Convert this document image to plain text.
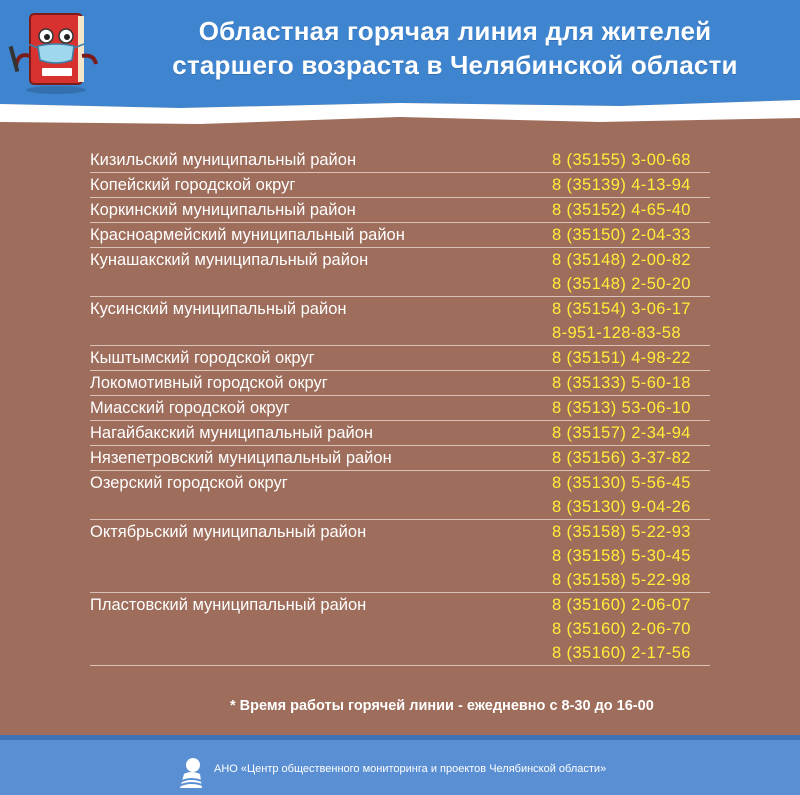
Областная горячая линия для жителей
старшего возраста в Челябинской области
Кизильский муниципальный район	8 (35155) 3-00-68
Копейский городской округ	8 (35139) 4-13-94
Коркинский муниципальный район	8 (35152) 4-65-40
Красноармейский муниципальный район	8 (35150) 2-04-33
Кунашакский муниципальный район	8 (35148) 2-00-82
8 (35148) 2-50-20
Кусинский муниципальный район	8 (35154) 3-06-17
8-951-128-83-58
Кыштымский городской округ	8 (35151) 4-98-22
Локомотивный городской округ	8 (35133) 5-60-18
Миасский городской округ	8 (3513) 53-06-10
Нагайбакский муниципальный район	8 (35157) 2-34-94
Нязепетровский муниципальный район	8 (35156) 3-37-82
Озерский городской округ	8 (35130) 5-56-45
8 (35130) 9-04-26
Октябрьский муниципальный район	8 (35158) 5-22-93
8 (35158) 5-30-45
8 (35158) 5-22-98
Пластовский муниципальный район	8 (35160) 2-06-07
8 (35160) 2-06-70
8 (35160) 2-17-56
* Время работы горячей линии - ежедневно с 8-30 до 16-00
АНО «Центр общественного мониторинга и проектов Челябинской области»
